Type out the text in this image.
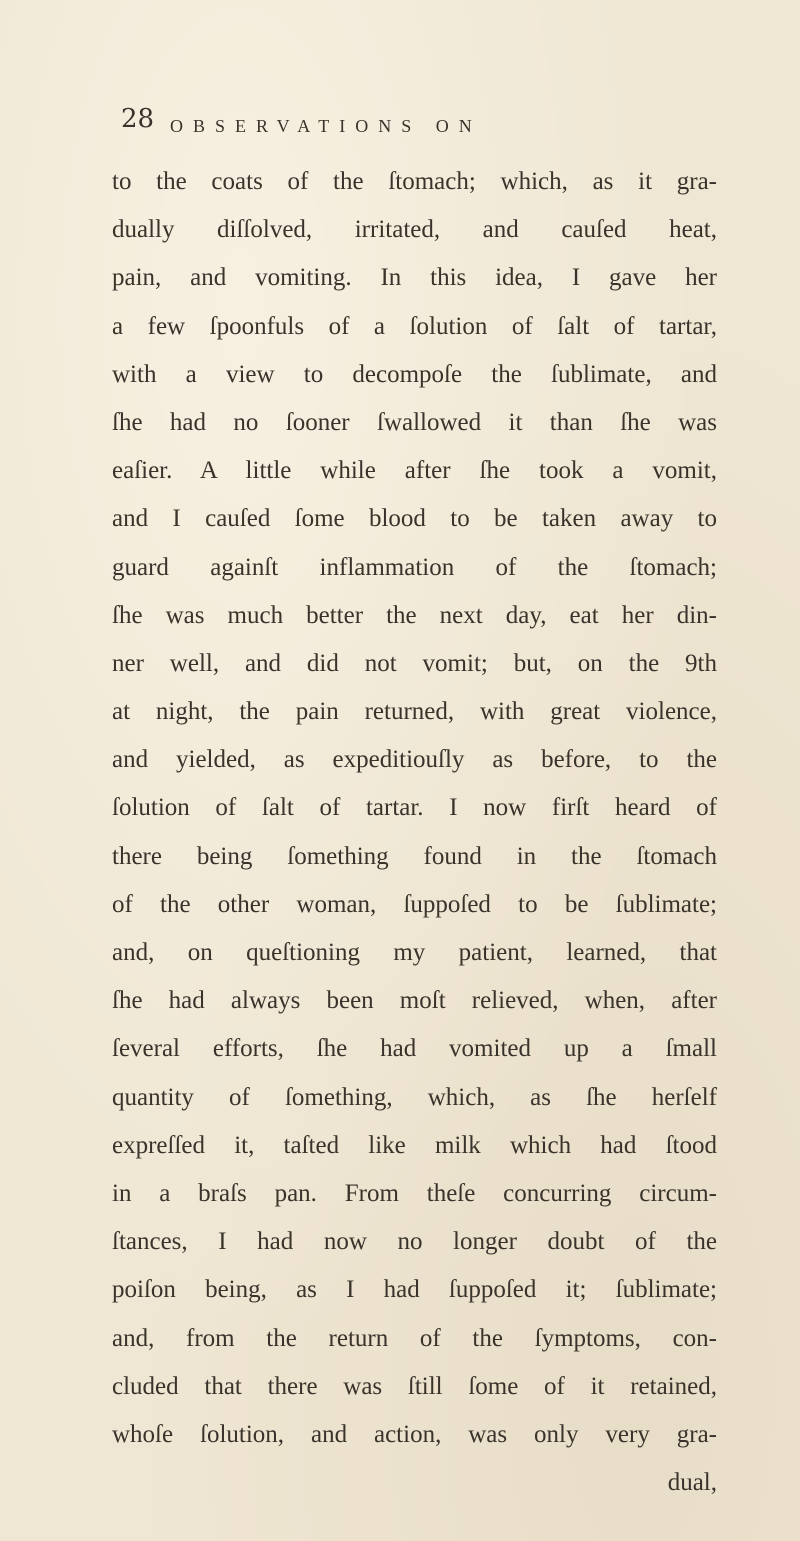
28 OBSERVATIONS ON
to the coats of the ſtomach; which, as it gra-
dually diſſolved, irritated, and cauſed heat,
pain, and vomiting. In this idea, I gave her
a few ſpoonfuls of a ſolution of ſalt of tartar,
with a view to decompoſe the ſublimate, and
ſhe had no ſooner ſwallowed it than ſhe was
eaſier. A little while after ſhe took a vomit,
and I cauſed ſome blood to be taken away to
guard againſt inflammation of the ſtomach;
ſhe was much better the next day, eat her din-
ner well, and did not vomit; but, on the 9th
at night, the pain returned, with great violence,
and yielded, as expeditiouſly as before, to the
ſolution of ſalt of tartar. I now firſt heard of
there being ſomething found in the ſtomach
of the other woman, ſuppoſed to be ſublimate;
and, on queſtioning my patient, learned, that
ſhe had always been moſt relieved, when, after
ſeveral efforts, ſhe had vomited up a ſmall
quantity of ſomething, which, as ſhe herſelf
expreſſed it, taſted like milk which had ſtood
in a braſs pan. From theſe concurring circum-
ſtances, I had now no longer doubt of the
poiſon being, as I had ſuppoſed it; ſublimate;
and, from the return of the ſymptoms, con-
cluded that there was ſtill ſome of it retained,
whoſe ſolution, and action, was only very gra-
dual,
